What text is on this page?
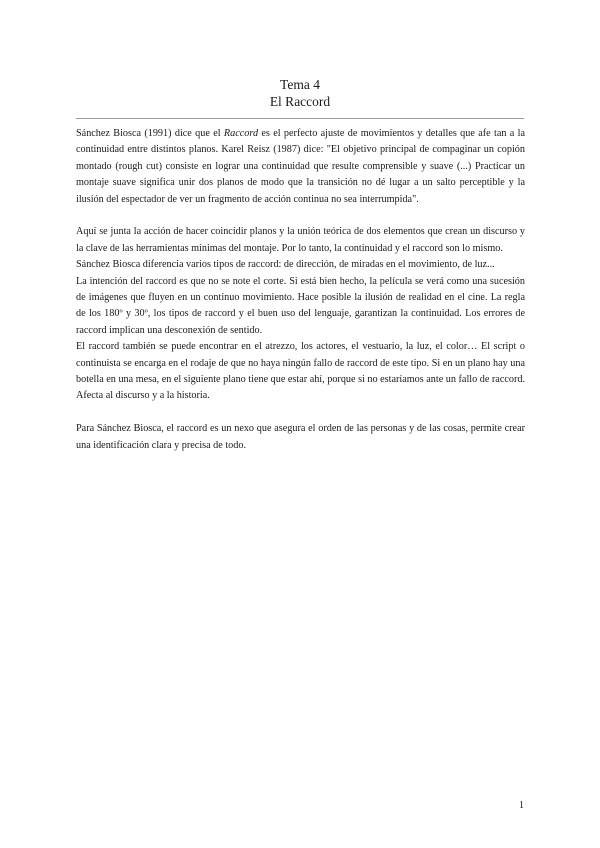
Tema 4
El Raccord

Sánchez Biosca (1991) dice que el Raccord es el perfecto ajuste de movimientos y detalles que afe tan a la continuidad entre distintos planos. Karel Reisz (1987) dice: "El objetivo principal de compaginar un copión montado (rough cut) consiste en lograr una continuidad que resulte comprensible y suave (...) Practicar un montaje suave significa unir dos planos de modo que la transición no dé lugar a un salto perceptible y la ilusión del espectador de ver un fragmento de acción continua no sea interrumpida".

Aquí se junta la acción de hacer coincidir planos y la unión teórica de dos elementos que crean un discurso y la clave de las herramientas mínimas del montaje. Por lo tanto, la continuidad y el raccord son lo mismo.

Sánchez Biosca diferencia varios tipos de raccord: de dirección, de miradas en el movimiento, de luz...

La intención del raccord es que no se note el corte. Si está bien hecho, la película se verá como una sucesión de imágenes que fluyen en un continuo movimiento. Hace posible la ilusión de realidad en el cine. La regla de los 180º y 30º, los tipos de raccord y el buen uso del lenguaje, garantizan la continuidad. Los errores de raccord implican una desconexión de sentido.

El raccord también se puede encontrar en el atrezzo, los actores, el vestuario, la luz, el color… El script o continuista se encarga en el rodaje de que no haya ningún fallo de raccord de este tipo. Si en un plano hay una botella en una mesa, en el siguiente plano tiene que estar ahí, porque si no estaríamos ante un fallo de raccord. Afecta al discurso y a la historia.

Para Sánchez Biosca, el raccord es un nexo que asegura el orden de las personas y de las cosas, permite crear una identificación clara y precisa de todo.

1
